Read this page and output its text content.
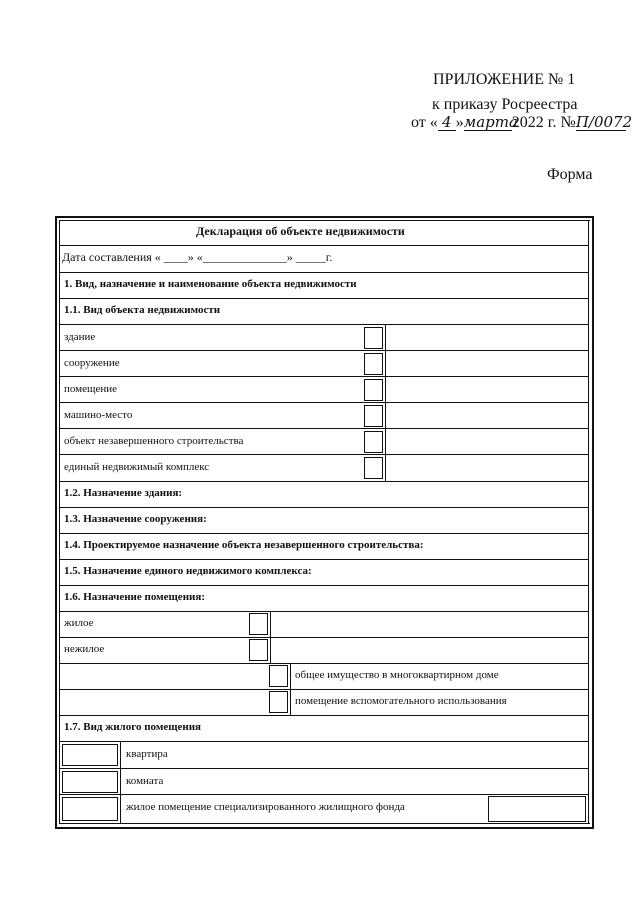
ПРИЛОЖЕНИЕ № 1
к приказу Росреестра
от « 4 »марта2022 г. №П/0072
Форма
Декларация об объекте недвижимости
Дата составления « ____» «______________» _____г.
1. Вид, назначение и наименование объекта недвижимости
1.1. Вид объекта недвижимости
здание
сооружение
помещение
машино-место
объект незавершенного строительства
единый недвижимый комплекс
1.2. Назначение здания:
1.3. Назначение сооружения:
1.4. Проектируемое назначение объекта незавершенного строительства:
1.5. Назначение единого недвижимого комплекса:
1.6. Назначение помещения:
жилое
нежилое
общее имущество в многоквартирном доме
помещение вспомогательного использования
1.7. Вид жилого помещения
квартира
комната
жилое помещение специализированного жилищного фонда
